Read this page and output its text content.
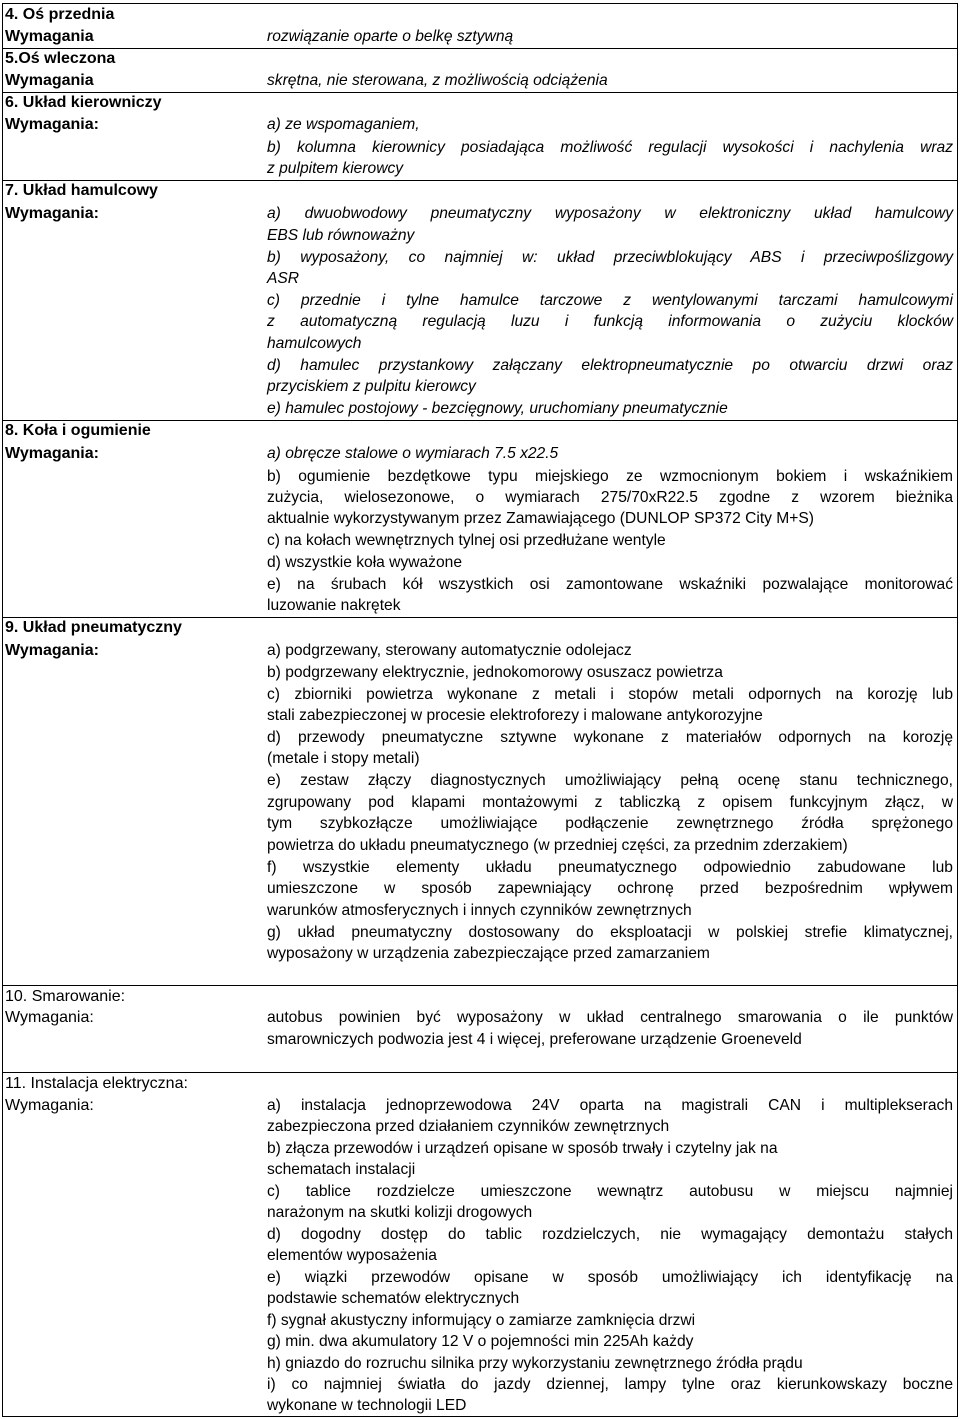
4. Oś przednia
Wymagania	rozwiązanie oparte o belkę sztywną
5.Oś wleczona
Wymagania	skrętna, nie sterowana, z możliwością odciążenia
6. Układ kierowniczy
Wymagania:	a) ze wspomaganiem,
b) kolumna kierownicy posiadająca możliwość regulacji wysokości i nachylenia wraz
z pulpitem kierowcy
7. Układ hamulcowy
Wymagania:	a) dwuobwodowy pneumatyczny wyposażony w elektroniczny układ hamulcowy
EBS lub równoważny
b) wyposażony, co najmniej w: układ przeciwblokujący ABS i przeciwpoślizgowy
ASR
c) przednie i tylne hamulce tarczowe z wentylowanymi tarczami hamulcowymi
z automatyczną regulacją luzu i funkcją informowania o zużyciu klocków
hamulcowych
d) hamulec przystankowy załączany elektropneumatycznie po otwarciu drzwi oraz
przyciskiem z pulpitu kierowcy
e) hamulec postojowy - bezcięgnowy, uruchomiany pneumatycznie
8. Koła i ogumienie
Wymagania:	a) obręcze stalowe o wymiarach 7.5 x22.5
b) ogumienie bezdętkowe typu miejskiego ze wzmocnionym bokiem i wskaźnikiem
zużycia, wielosezonowe, o wymiarach 275/70xR22.5 zgodne z wzorem bieżnika
aktualnie wykorzystywanym przez Zamawiającego (DUNLOP SP372 City M+S)
c) na kołach wewnętrznych tylnej osi przedłużane wentyle
d) wszystkie koła wyważone
e) na śrubach kół wszystkich osi zamontowane wskaźniki pozwalające monitorować
luzowanie nakrętek
9. Układ pneumatyczny
Wymagania:	a) podgrzewany, sterowany automatycznie odolejacz
b) podgrzewany elektrycznie, jednokomorowy osuszacz powietrza
c) zbiorniki powietrza wykonane z metali i stopów metali odpornych na korozję lub
stali zabezpieczonej w procesie elektroforezy i malowane antykorozyjne
d) przewody pneumatyczne sztywne wykonane z materiałów odpornych na korozję
(metale i stopy metali)
e) zestaw złączy diagnostycznych umożliwiający pełną ocenę stanu technicznego,
zgrupowany pod klapami montażowymi z tabliczką z opisem funkcyjnym złącz, w
tym szybkozłącze umożliwiające podłączenie zewnętrznego źródła sprężonego
powietrza do układu pneumatycznego (w przedniej części, za przednim zderzakiem)
f) wszystkie elementy układu pneumatycznego odpowiednio zabudowane lub
umieszczone w sposób zapewniający ochronę przed bezpośrednim wpływem
warunków atmosferycznych i innych czynników zewnętrznych
g) układ pneumatyczny dostosowany do eksploatacji w polskiej strefie klimatycznej,
wyposażony w urządzenia zabezpieczające przed zamarzaniem
10. Smarowanie:
Wymagania:	autobus powinien być wyposażony w układ centralnego smarowania o ile punktów
smarowniczych podwozia jest 4 i więcej, preferowane urządzenie Groeneveld
11. Instalacja elektryczna:
Wymagania:	a) instalacja jednoprzewodowa 24V oparta na magistrali CAN i multiplekserach
zabezpieczona przed działaniem czynników zewnętrznych
b) złącza przewodów i urządzeń opisane w sposób trwały i czytelny jak na
schematach instalacji
c) tablice rozdzielcze umieszczone wewnątrz autobusu w miejscu najmniej
narażonym na skutki kolizji drogowych
d) dogodny dostęp do tablic rozdzielczych, nie wymagający demontażu stałych
elementów wyposażenia
e) wiązki przewodów opisane w sposób umożliwiający ich identyfikację na
podstawie schematów elektrycznych
f) sygnał akustyczny informujący o zamiarze zamknięcia drzwi
g) min. dwa akumulatory 12 V o pojemności min 225Ah każdy
h) gniazdo do rozruchu silnika przy wykorzystaniu zewnętrznego źródła prądu
i) co najmniej światła do jazdy dziennej, lampy tylne oraz kierunkowskazy boczne
wykonane w technologii LED
